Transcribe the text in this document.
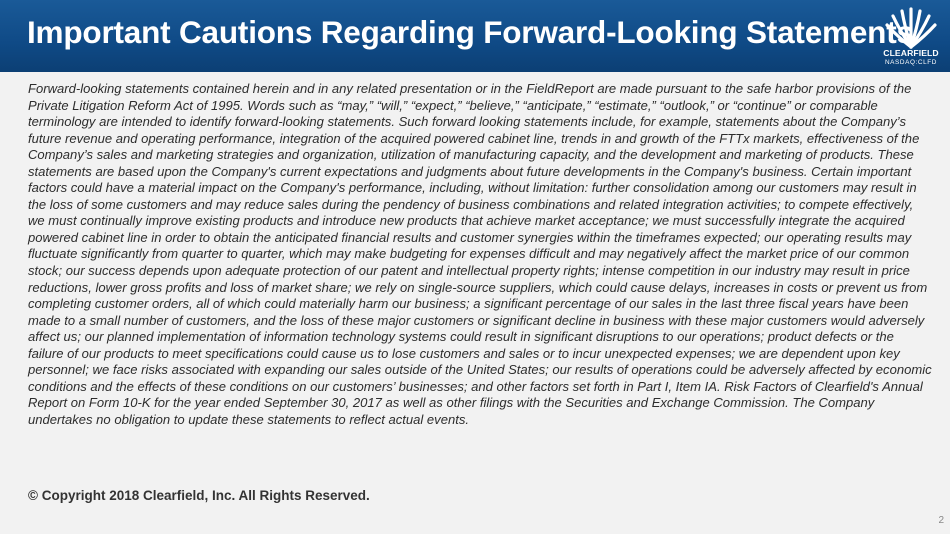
Important Cautions Regarding Forward-Looking Statements
CLEARFIELD
NASDAQ:CLFD

Forward-looking statements contained herein and in any related presentation or in the FieldReport are made pursuant to the safe harbor provisions of the Private Litigation Reform Act of 1995. Words such as “may,” “will,” “expect,” “believe,” “anticipate,” “estimate,” “outlook,” or “continue” or comparable terminology are intended to identify forward-looking statements. Such forward looking statements include, for example, statements about the Company’s future revenue and operating performance, integration of the acquired powered cabinet line, trends in and growth of the FTTx markets, effectiveness of the Company’s sales and marketing strategies and organization, utilization of manufacturing capacity, and the development and marketing of products. These statements are based upon the Company's current expectations and judgments about future developments in the Company's business. Certain important factors could have a material impact on the Company's performance, including, without limitation: further consolidation among our customers may result in the loss of some customers and may reduce sales during the pendency of business combinations and related integration activities; to compete effectively, we must continually improve existing products and introduce new products that achieve market acceptance; we must successfully integrate the acquired powered cabinet line in order to obtain the anticipated financial results and customer synergies within the timeframes expected; our operating results may fluctuate significantly from quarter to quarter, which may make budgeting for expenses difficult and may negatively affect the market price of our common stock; our success depends upon adequate protection of our patent and intellectual property rights; intense competition in our industry may result in price reductions, lower gross profits and loss of market share; we rely on single-source suppliers, which could cause delays, increases in costs or prevent us from completing customer orders, all of which could materially harm our business; a significant percentage of our sales in the last three fiscal years have been made to a small number of customers, and the loss of these major customers or significant decline in business with these major customers would adversely affect us; our planned implementation of information technology systems could result in significant disruptions to our operations; product defects or the failure of our products to meet specifications could cause us to lose customers and sales or to incur unexpected expenses; we are dependent upon key personnel; we face risks associated with expanding our sales outside of the United States; our results of operations could be adversely affected by economic conditions and the effects of these conditions on our customers’ businesses; and other factors set forth in Part I, Item IA. Risk Factors of Clearfield's Annual Report on Form 10-K for the year ended September 30, 2017 as well as other filings with the Securities and Exchange Commission. The Company undertakes no obligation to update these statements to reflect actual events.

© Copyright 2018 Clearfield, Inc. All Rights Reserved.
2
